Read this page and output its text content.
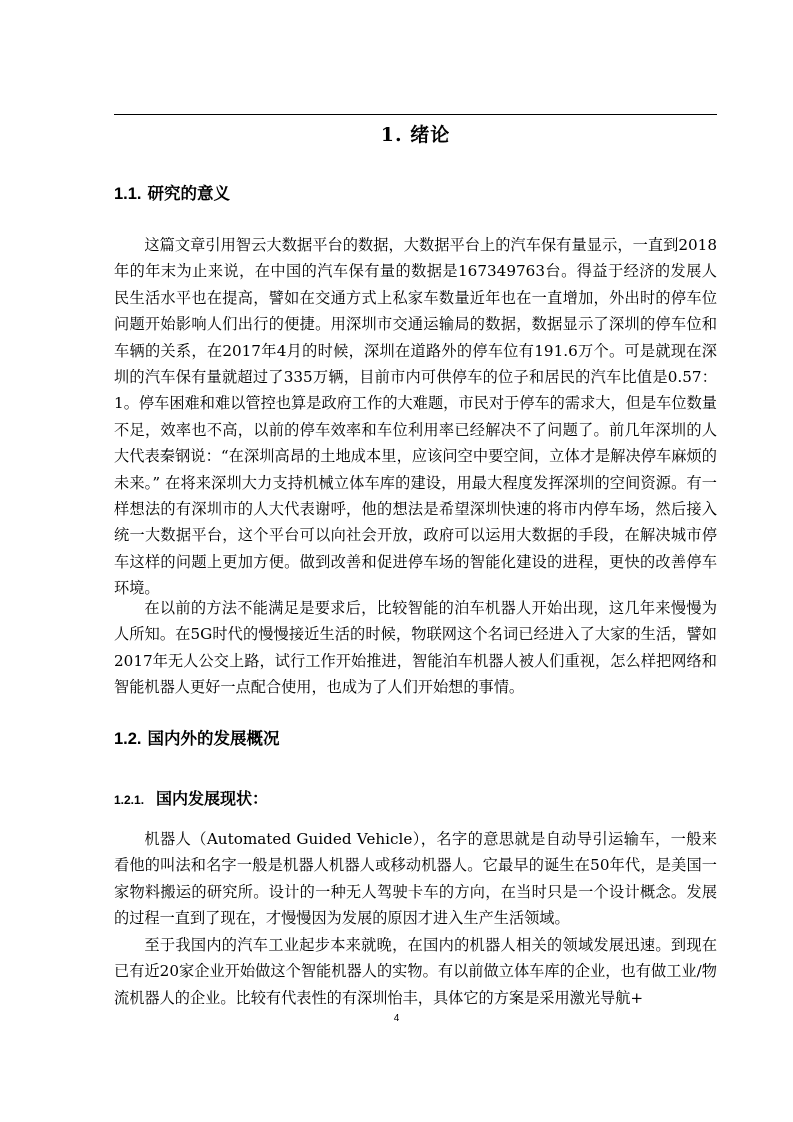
1. 绪论
1.1. 研究的意义

这篇文章引用智云大数据平台的数据，大数据平台上的汽车保有量显示，一直到2018年的年末为止来说，在中国的汽车保有量的数据是167349763台。得益于经济的发展人民生活水平也在提高，譬如在交通方式上私家车数量近年也在一直增加，外出时的停车位问题开始影响人们出行的便捷。用深圳市交通运输局的数据，数据显示了深圳的停车位和车辆的关系，在2017年4月的时候，深圳在道路外的停车位有191.6万个。可是就现在深圳的汽车保有量就超过了335万辆，目前市内可供停车的位子和居民的汽车比值是0.57：1。停车困难和难以管控也算是政府工作的大难题，市民对于停车的需求大，但是车位数量不足，效率也不高，以前的停车效率和车位利用率已经解决不了问题了。前几年深圳的人大代表秦钢说：“在深圳高昂的土地成本里，应该问空中要空间，立体才是解决停车麻烦的未来。” 在将来深圳大力支持机械立体车库的建设，用最大程度发挥深圳的空间资源。有一样想法的有深圳市的人大代表谢呼，他的想法是希望深圳快速的将市内停车场，然后接入统一大数据平台，这个平台可以向社会开放，政府可以运用大数据的手段，在解决城市停车这样的问题上更加方便。做到改善和促进停车场的智能化建设的进程，更快的改善停车环境。

在以前的方法不能满足是要求后，比较智能的泊车机器人开始出现，这几年来慢慢为人所知。在5G时代的慢慢接近生活的时候，物联网这个名词已经进入了大家的生活，譬如2017年无人公交上路，试行工作开始推进，智能泊车机器人被人们重视，怎么样把网络和智能机器人更好一点配合使用，也成为了人们开始想的事情。

1.2. 国内外的发展概况
1.2.1. 国内发展现状：

机器人（Automated Guided Vehicle），名字的意思就是自动导引运输车，一般来看他的叫法和名字一般是机器人机器人或移动机器人。它最早的诞生在50年代，是美国一家物料搬运的研究所。设计的一种无人驾驶卡车的方向，在当时只是一个设计概念。发展的过程一直到了现在，才慢慢因为发展的原因才进入生产生活领域。

至于我国内的汽车工业起步本来就晚，在国内的机器人相关的领域发展迅速。到现在已有近20家企业开始做这个智能机器人的实物。有以前做立体车库的企业，也有做工业/物流机器人的企业。比较有代表性的有深圳怡丰，具体它的方案是采用激光导航+

4
